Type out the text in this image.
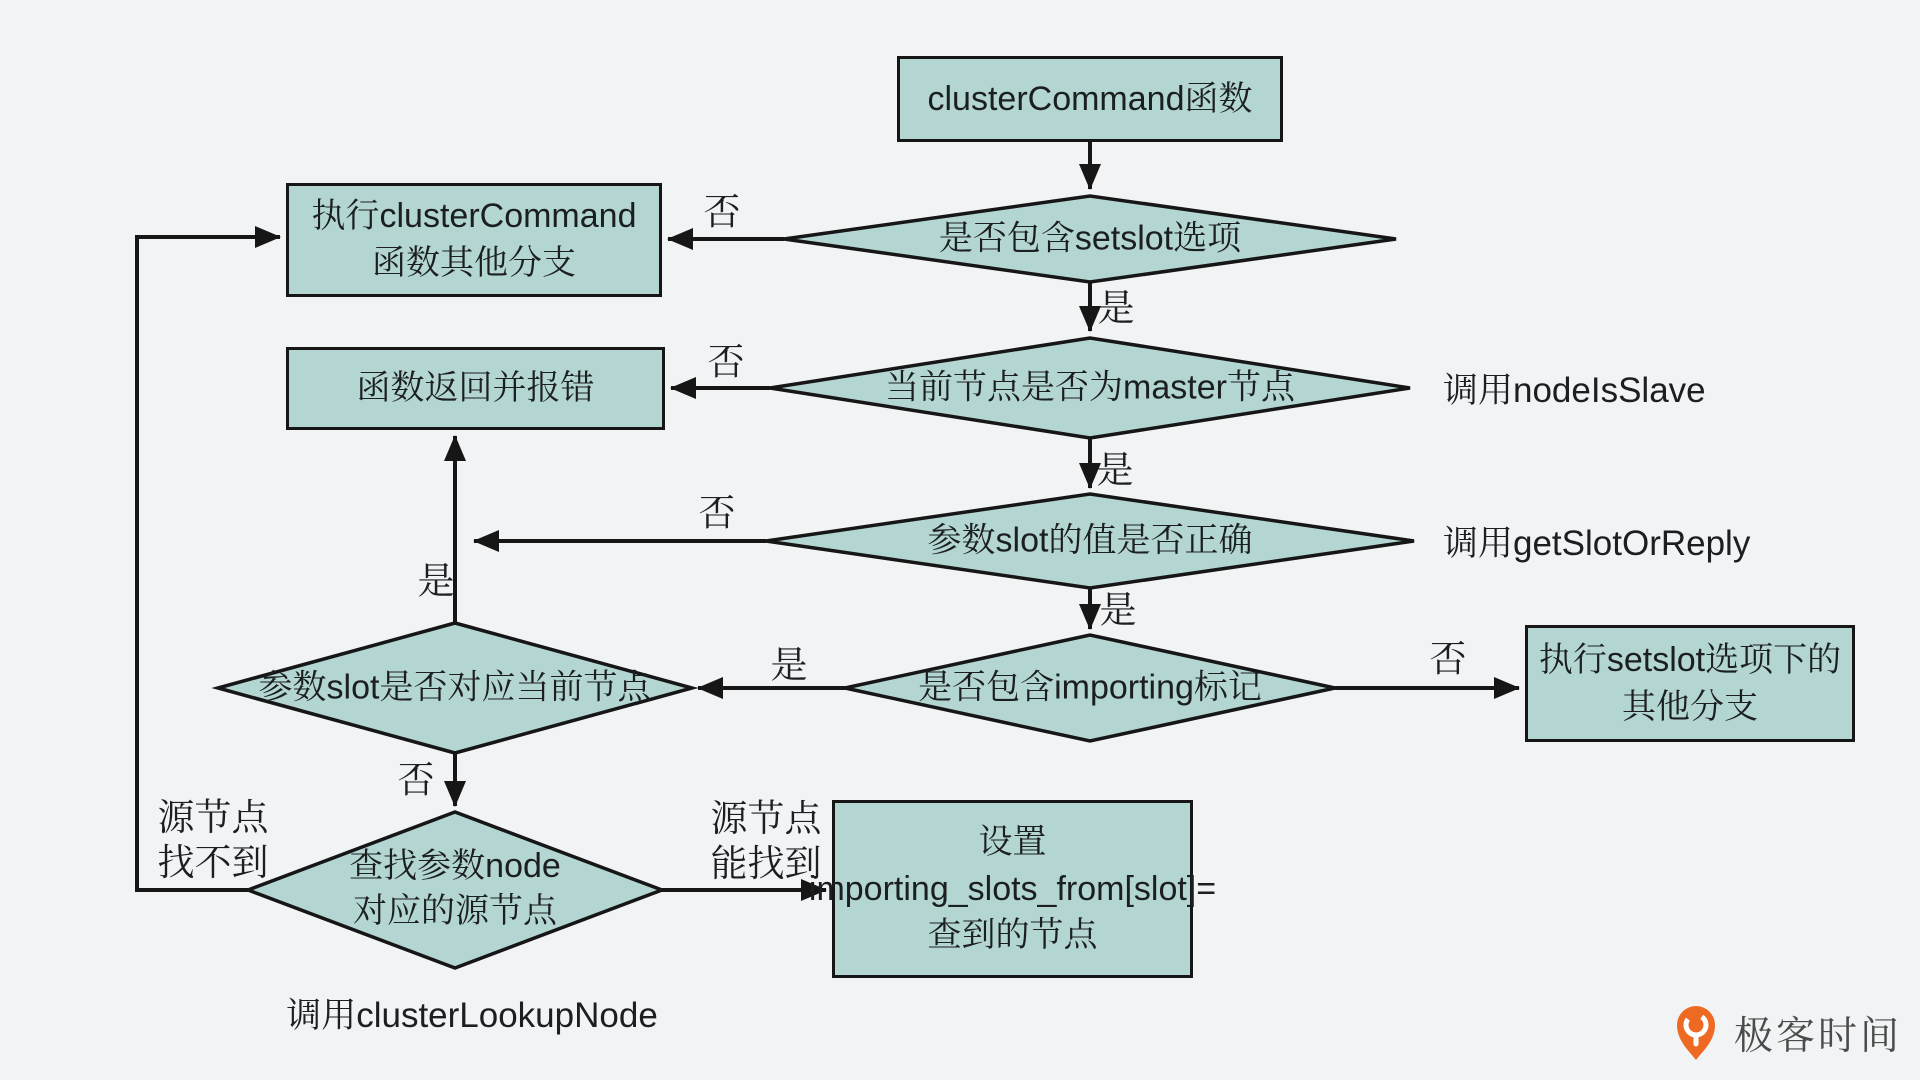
clusterCommand函数
执行clusterCommand
函数其他分支
函数返回并报错
执行setslot选项下的
其他分支
设置
importing_slots_from[slot]=
查到的节点
是否包含setslot选项
当前节点是否为master节点
参数slot的值是否正确
是否包含importing标记
参数slot是否对应当前节点
查找参数node
对应的源节点
否
是
否
是
否
是
否
是
是
否
源节点
能找到
源节点
找不到
调用nodeIsSlave
调用getSlotOrReply
调用clusterLookupNode	极客时间
